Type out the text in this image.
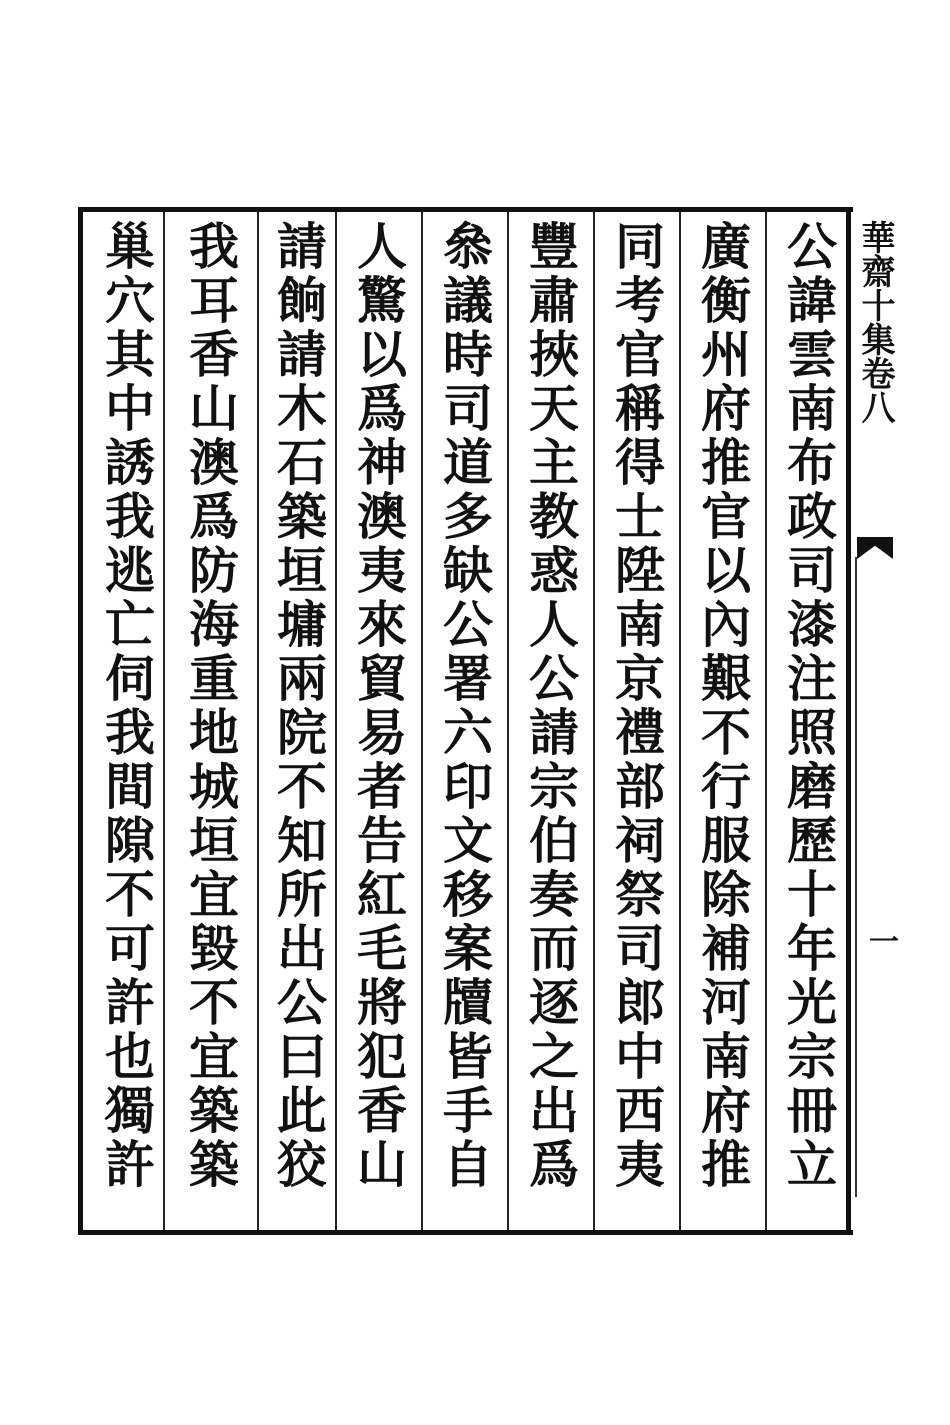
公諱雲南布政司漆注照磨歷十年光宗冊立
廣衡州府推官以內艱不行服除補河南府推
同考官稱得士陞南京禮部祠祭司郎中西夷
豐肅挾天主教惑人公請宗伯奏而逐之出爲
叅議時司道多缺公署六印文移案牘皆手自
人驚以爲神澳夷來貿易者告紅毛將犯香山
請餉請木石築垣墉兩院不知所出公曰此狡
我耳香山澳爲防海重地城垣宜毀不宜築築
巢穴其中誘我逃亡伺我間隙不可許也獨許
華齋十集卷八
一
